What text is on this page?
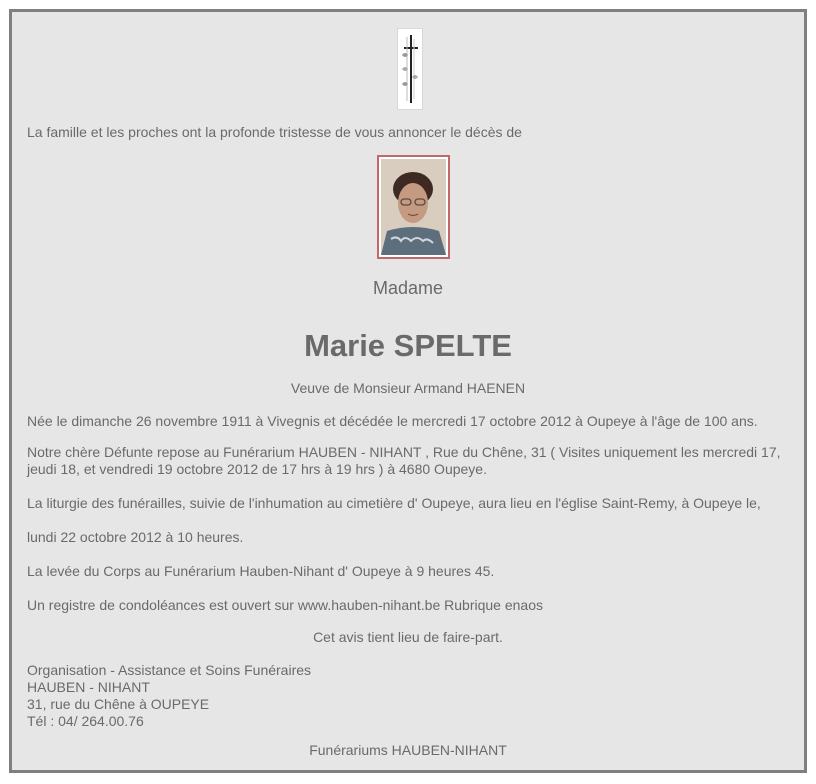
La famille et les proches ont la profonde tristesse de vous annoncer le décès de
Madame
Marie SPELTE
Veuve de Monsieur Armand HAENEN
Née le dimanche 26 novembre 1911 à Vivegnis et décédée le mercredi 17 octobre 2012 à Oupeye à l'âge de 100 ans.
Notre chère Défunte repose au Funérarium HAUBEN - NIHANT , Rue du Chêne, 31 ( Visites uniquement les mercredi 17, jeudi 18, et vendredi 19 octobre 2012 de 17 hrs à 19 hrs ) à 4680 Oupeye.
La liturgie des funérailles, suivie de l'inhumation au cimetière d' Oupeye, aura lieu en l'église Saint-Remy, à Oupeye le,
lundi 22 octobre 2012 à 10 heures.
La levée du Corps au Funérarium Hauben-Nihant d' Oupeye à 9 heures 45.
Un registre de condoléances est ouvert sur www.hauben-nihant.be Rubrique enaos
Cet avis tient lieu de faire-part.
Organisation - Assistance et Soins Funéraires
HAUBEN - NIHANT
31, rue du Chêne à OUPEYE
Tél : 04/ 264.00.76
Funérariums HAUBEN-NIHANT
